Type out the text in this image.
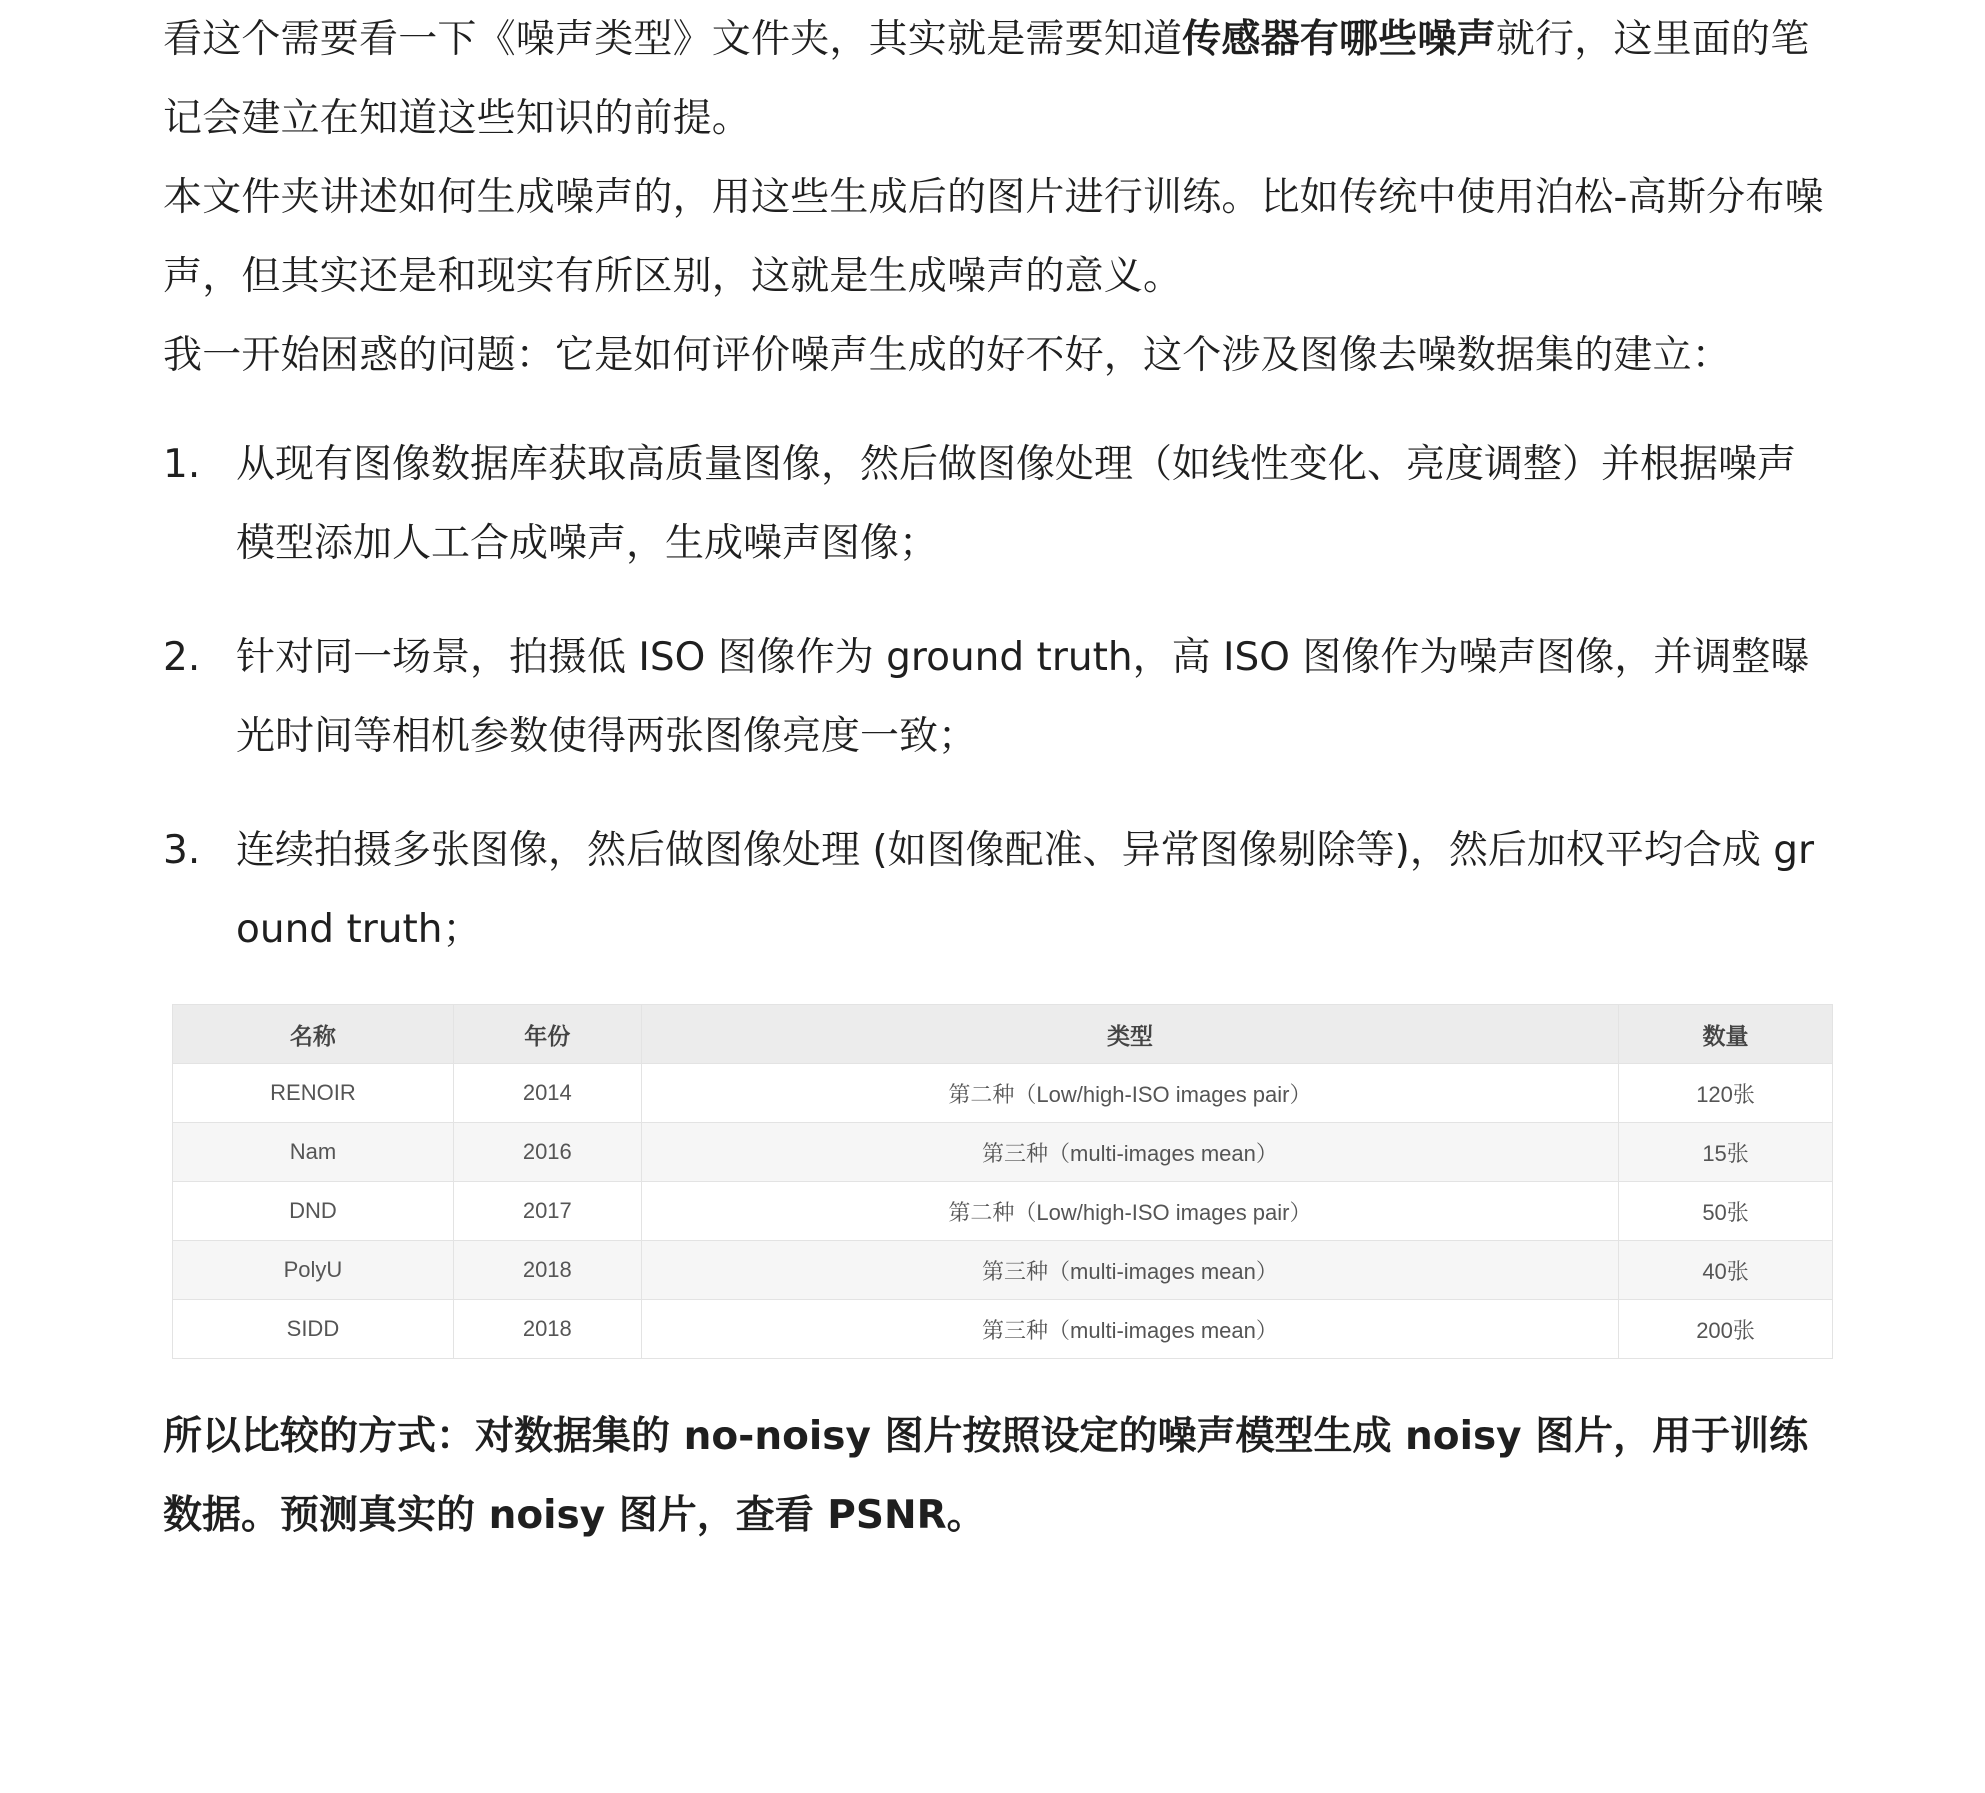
看这个需要看一下《噪声类型》文件夹，其实就是需要知道传感器有哪些噪声就行，这里面的笔记会建立在知道这些知识的前提。

本文件夹讲述如何生成噪声的，用这些生成后的图片进行训练。比如传统中使用泊松-高斯分布噪声，但其实还是和现实有所区别，这就是生成噪声的意义。

我一开始困惑的问题：它是如何评价噪声生成的好不好，这个涉及图像去噪数据集的建立：

1. 从现有图像数据库获取高质量图像，然后做图像处理（如线性变化、亮度调整）并根据噪声模型添加人工合成噪声，生成噪声图像；
2. 针对同一场景，拍摄低 ISO 图像作为 ground truth，高 ISO 图像作为噪声图像，并调整曝光时间等相机参数使得两张图像亮度一致；
3. 连续拍摄多张图像，然后做图像处理 (如图像配准、异常图像剔除等)，然后加权平均合成 ground truth；
名称	年份	类型	数量	
RENOIR	2014	第二种（Low/high-ISO images pair）	120张	
Nam	2016	第三种（multi-images mean）	15张	
DND	2017	第二种（Low/high-ISO images pair）	50张	
PolyU	2018	第三种（multi-images mean）	40张	
SIDD	2018	第三种（multi-images mean）	200张	

所以比较的方式：对数据集的 no-noisy 图片按照设定的噪声模型生成 noisy 图片，用于训练数据。预测真实的 noisy 图片，查看 PSNR。
